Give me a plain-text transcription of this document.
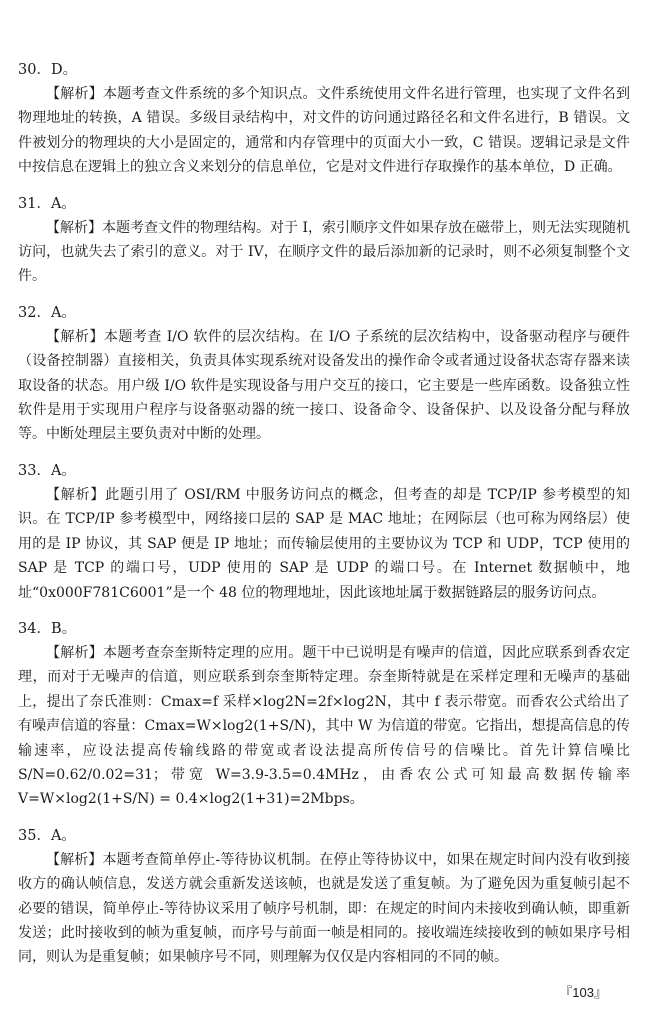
30．D。

【解析】本题考查文件系统的多个知识点。文件系统使用文件名进行管理，也实现了文件名到物理地址的转换，A 错误。多级目录结构中，对文件的访问通过路径名和文件名进行，B 错误。文件被划分的物理块的大小是固定的，通常和内存管理中的页面大小一致，C 错误。逻辑记录是文件中按信息在逻辑上的独立含义来划分的信息单位，它是对文件进行存取操作的基本单位，D 正确。

31．A。

【解析】本题考查文件的物理结构。对于 I，索引顺序文件如果存放在磁带上，则无法实现随机访问，也就失去了索引的意义。对于 IV，在顺序文件的最后添加新的记录时，则不必须复制整个文件。

32．A。

【解析】本题考查 I/O 软件的层次结构。在 I/O 子系统的层次结构中，设备驱动程序与硬件（设备控制器）直接相关，负责具体实现系统对设备发出的操作命令或者通过设备状态寄存器来读取设备的状态。用户级 I/O 软件是实现设备与用户交互的接口，它主要是一些库函数。设备独立性软件是用于实现用户程序与设备驱动器的统一接口、设备命令、设备保护、以及设备分配与释放等。中断处理层主要负责对中断的处理。

33．A。

【解析】此题引用了 OSI/RM 中服务访问点的概念，但考查的却是 TCP/IP 参考模型的知识。在 TCP/IP 参考模型中，网络接口层的 SAP 是 MAC 地址；在网际层（也可称为网络层）使用的是 IP 协议，其 SAP 便是 IP 地址；而传输层使用的主要协议为 TCP 和 UDP，TCP 使用的 SAP 是 TCP 的端口号，UDP 使用的 SAP 是 UDP 的端口号。在 Internet 数据帧中，地址“0x000F781C6001”是一个 48 位的物理地址，因此该地址属于数据链路层的服务访问点。

34．B。

【解析】本题考查奈奎斯特定理的应用。题干中已说明是有噪声的信道，因此应联系到香农定理，而对于无噪声的信道，则应联系到奈奎斯特定理。奈奎斯特就是在采样定理和无噪声的基础上，提出了奈氏准则：Cmax=f 采样×log2N=2f×log2N，其中 f 表示带宽。而香农公式给出了有噪声信道的容量：Cmax=W×log2(1+S/N)，其中 W 为信道的带宽。它指出，想提高信息的传输速率，应设法提高传输线路的带宽或者设法提高所传信号的信噪比。首先计算信噪比 S/N=0.62/0.02=31；带宽 W=3.9-3.5=0.4MHz，由香农公式可知最高数据传输率 V=W×log2(1+S/N) = 0.4×log2(1+31)=2Mbps。

35．A。

【解析】本题考查简单停止-等待协议机制。在停止等待协议中，如果在规定时间内没有收到接收方的确认帧信息，发送方就会重新发送该帧，也就是发送了重复帧。为了避免因为重复帧引起不必要的错误，简单停止-等待协议采用了帧序号机制，即：在规定的时间内未接收到确认帧，即重新发送；此时接收到的帧为重复帧，而序号与前面一帧是相同的。接收端连续接收到的帧如果序号相同，则认为是重复帧；如果帧序号不同，则理解为仅仅是内容相同的不同的帧。

『103』
